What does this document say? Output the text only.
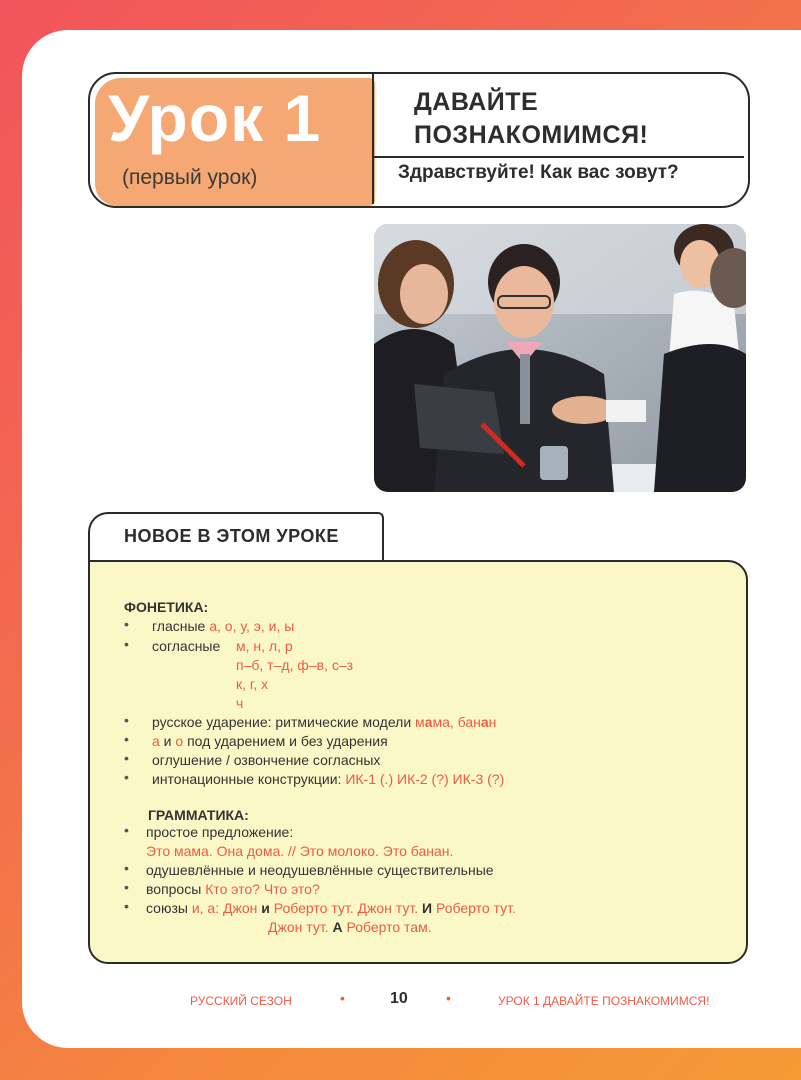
Урок 1
(первый урок)
ДАВАЙТЕ
ПОЗНАКОМИМСЯ!
Здравствуйте! Как вас зовут?
НОВОЕ В ЭТОМ УРОКЕ
ФОНЕТИКА:
• гласные а, о, у, э, и, ы
• согласные м, н, л, р
п–б, т–д, ф–в, с–з
к, г, х
ч
• русское ударение: ритмические модели мама, банан
• а и о под ударением и без ударения
• оглушение / озвончение согласных
• интонационные конструкции: ИК-1 (.) ИК-2 (?) ИК-3 (?)
ГРАММАТИКА:
• простое предложение:
Это мама. Она дома. // Это молоко. Это банан.
• одушевлённые и неодушевлённые существительные
• вопросы Кто это? Что это?
• союзы и, а: Джон и Роберто тут. Джон тут. И Роберто тут.
Джон тут. А Роберто там.
РУССКИЙ СЕЗОН	•	10	•	УРОК 1 ДАВАЙТЕ ПОЗНАКОМИМСЯ!
